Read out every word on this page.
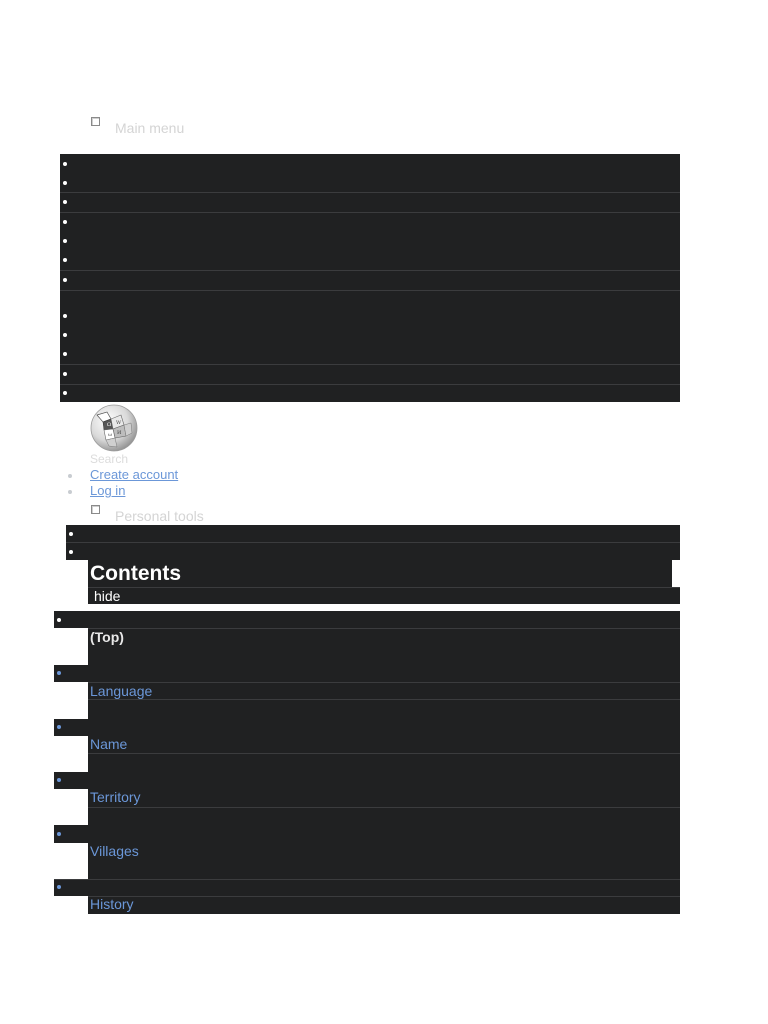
Main menu
Ω W
И
ω
Search
Create account
Log in
Personal tools
Contents
hide
(Top)
Language
Name
Territory
Villages
History
